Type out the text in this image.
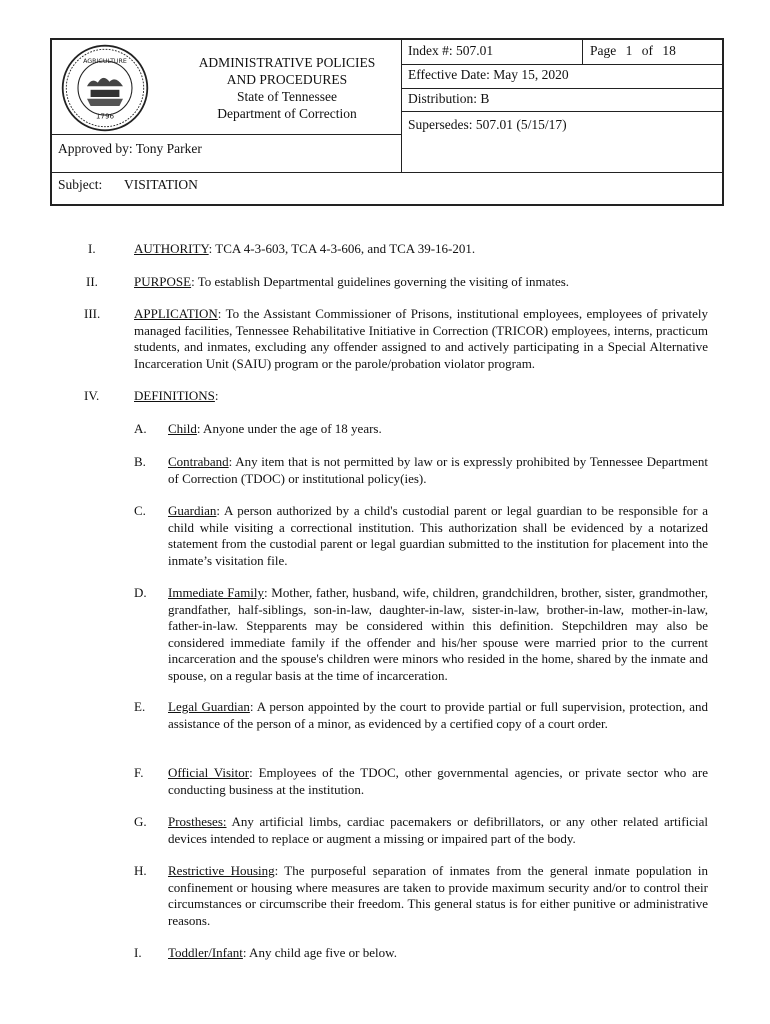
AGRICULTURE
1796
ADMINISTRATIVE POLICIES
AND PROCEDURES
State of Tennessee
Department of Correction
Index #: 507.01	Page 1 of 18
Effective Date: May 15, 2020
Distribution: B
Supersedes: 507.01 (5/15/17)
Approved by: Tony Parker
Subject: VISITATION
I.	AUTHORITY: TCA 4-3-603, TCA 4-3-606, and TCA 39-16-201.
II.	PURPOSE: To establish Departmental guidelines governing the visiting of inmates.
III.	APPLICATION: To the Assistant Commissioner of Prisons, institutional employees, employees of privately managed facilities, Tennessee Rehabilitative Initiative in Correction (TRICOR) employees, interns, practicum students, and inmates, excluding any offender assigned to and actively participating in a Special Alternative Incarceration Unit (SAIU) program or the parole/probation violator program.
IV.	DEFINITIONS:
A. Child: Anyone under the age of 18 years.
B. Contraband: Any item that is not permitted by law or is expressly prohibited by Tennessee Department of Correction (TDOC) or institutional policy(ies).
C. Guardian: A person authorized by a child's custodial parent or legal guardian to be responsible for a child while visiting a correctional institution. This authorization shall be evidenced by a notarized statement from the custodial parent or legal guardian submitted to the institution for placement into the inmate’s visitation file.
D. Immediate Family: Mother, father, husband, wife, children, grandchildren, brother, sister, grandmother, grandfather, half-siblings, son-in-law, daughter-in-law, sister-in-law, brother-in-law, mother-in-law, father-in-law. Stepparents may be considered within this definition. Stepchildren may also be considered immediate family if the offender and his/her spouse were married prior to the current incarceration and the spouse's children were minors who resided in the home, shared by the inmate and spouse, on a regular basis at the time of incarceration.
E. Legal Guardian: A person appointed by the court to provide partial or full supervision, protection, and assistance of the person of a minor, as evidenced by a certified copy of a court order.
F. Official Visitor: Employees of the TDOC, other governmental agencies, or private sector who are conducting business at the institution.
G. Prostheses: Any artificial limbs, cardiac pacemakers or defibrillators, or any other related artificial devices intended to replace or augment a missing or impaired part of the body.
H. Restrictive Housing: The purposeful separation of inmates from the general inmate population in confinement or housing where measures are taken to provide maximum security and/or to control their circumstances or circumscribe their freedom. This general status is for either punitive or administrative reasons.
I. Toddler/Infant: Any child age five or below.
